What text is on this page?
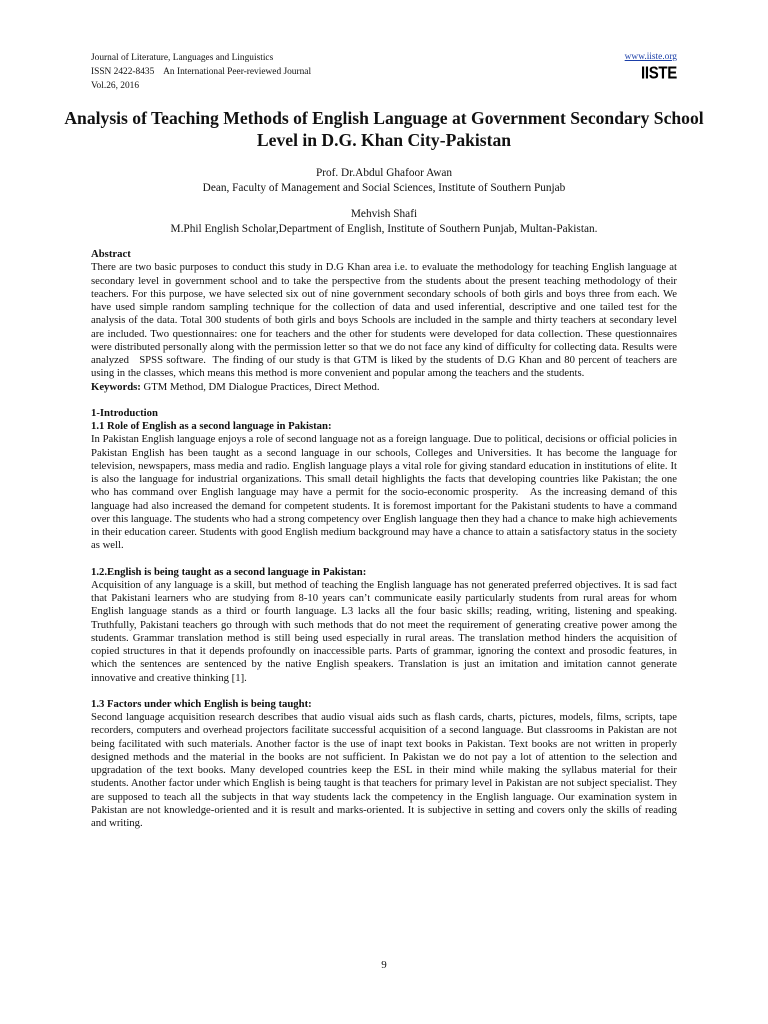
Journal of Literature, Languages and Linguistics
ISSN 2422-8435    An International Peer-reviewed Journal
Vol.26, 2016
www.iiste.org
IISTE
Analysis of Teaching Methods of English Language at Government Secondary School Level in D.G. Khan City-Pakistan
Prof. Dr.Abdul Ghafoor Awan
Dean, Faculty of Management and Social Sciences, Institute of Southern Punjab
Mehvish Shafi
M.Phil English Scholar,Department of English, Institute of Southern Punjab, Multan-Pakistan.

Abstract

There are two basic purposes to conduct this study in D.G Khan area i.e. to evaluate the methodology for teaching English language at secondary level in government school and to take the perspective from the students about the present teaching methodology of their teachers. For this purpose, we have selected six out of nine government secondary schools of both girls and boys three from each. We have used simple random sampling technique for the collection of data and used inferential, descriptive and one tailed test for the analysis of the data. Total 300 students of both girls and boys Schools are included in the sample and thirty teachers at secondary level are included. Two questionnaires: one for teachers and the other for students were developed for data collection. These questionnaires were distributed personally along with the permission letter so that we do not face any kind of difficulty for collecting data. Results were analyzed   SPSS software.  The finding of our study is that GTM is liked by the students of D.G Khan and 80 percent of teachers are using in the classes, which means this method is more convenient and popular among the teachers and the students.

Keywords: GTM Method, DM Dialogue Practices, Direct Method.

1-Introduction

1.1 Role of English as a second language in Pakistan:

In Pakistan English language enjoys a role of second language not as a foreign language. Due to political, decisions or official policies in Pakistan English has been taught as a second language in our schools, Colleges and Universities. It has become the language for television, newspapers, mass media and radio. English language plays a vital role for giving standard education in institutions of elite. It is also the language for industrial organizations. This small detail highlights the facts that developing countries like Pakistan; the one who has command over English language may have a permit for the socio-economic prosperity.   As the increasing demand of this language had also increased the demand for competent students. It is foremost important for the Pakistani students to have a command over this language. The students who had a strong competency over English language then they had a chance to make high achievements in their education career. Students with good English medium background may have a chance to attain a satisfactory status in the society as well.

1.2.English is being taught as a second language in Pakistan:

Acquisition of any language is a skill, but method of teaching the English language has not generated preferred objectives. It is sad fact that Pakistani learners who are studying from 8-10 years can’t communicate easily particularly students from rural areas for whom English language stands as a third or fourth language. L3 lacks all the four basic skills; reading, writing, listening and speaking. Truthfully, Pakistani teachers go through with such methods that do not meet the requirement of generating creative power among the students. Grammar translation method is still being used especially in rural areas. The translation method hinders the acquisition of copied structures in that it depends profoundly on inaccessible parts. Parts of grammar, ignoring the context and prosodic features, in which the sentences are sentenced by the native English speakers. Translation is just an imitation and imitation cannot generate innovative and creative thinking [1].

1.3 Factors under which English is being taught:

Second language acquisition research describes that audio visual aids such as flash cards, charts, pictures, models, films, scripts, tape recorders, computers and overhead projectors facilitate successful acquisition of a second language. But classrooms in Pakistan are not being facilitated with such materials. Another factor is the use of inapt text books in Pakistan. Text books are not written in properly designed methods and the material in the books are not sufficient. In Pakistan we do not pay a lot of attention to the selection and upgradation of the text books. Many developed countries keep the ESL in their mind while making the syllabus material for their students. Another factor under which English is being taught is that teachers for primary level in Pakistan are not subject specialist. They are supposed to teach all the subjects in that way students lack the competency in the English language. Our examination system in Pakistan are not knowledge-oriented and it is result and marks-oriented. It is subjective in setting and covers only the skills of reading and writing.

9
